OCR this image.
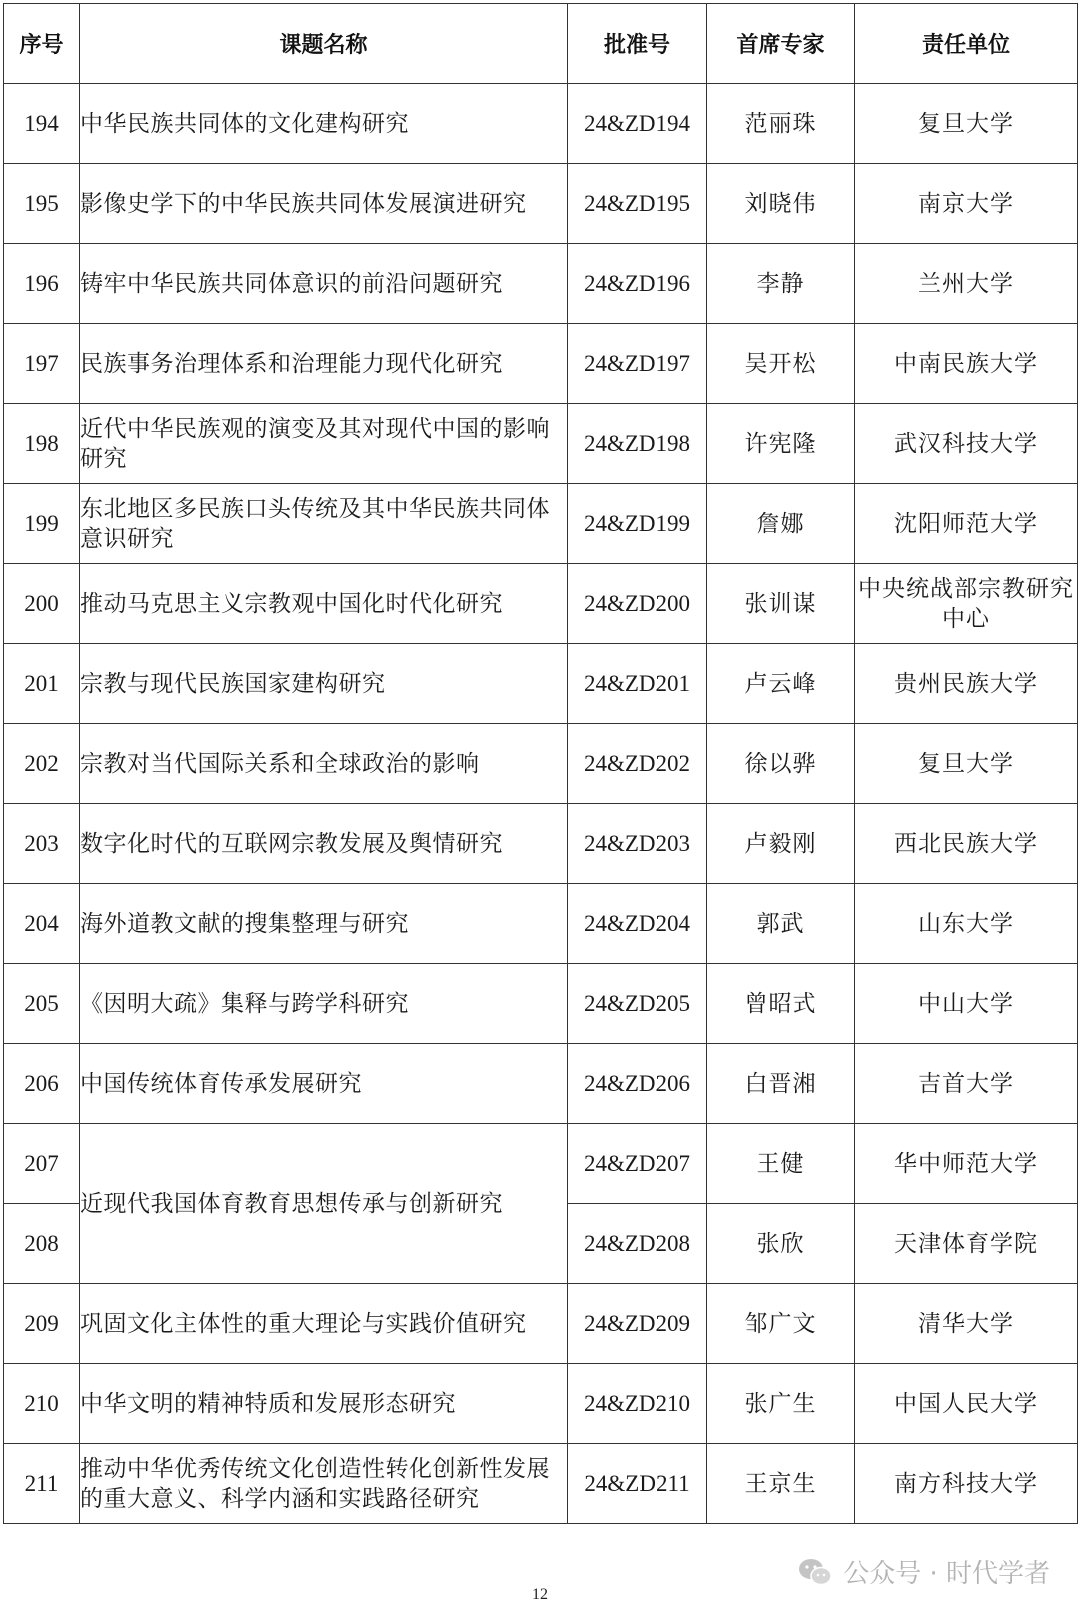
序号	课题名称	批准号	首席专家	责任单位
194	中华民族共同体的文化建构研究	24&ZD194	范丽珠	复旦大学
195	影像史学下的中华民族共同体发展演进研究	24&ZD195	刘晓伟	南京大学
196	铸牢中华民族共同体意识的前沿问题研究	24&ZD196	李静	兰州大学
197	民族事务治理体系和治理能力现代化研究	24&ZD197	吴开松	中南民族大学
198	近代中华民族观的演变及其对现代中国的影响研究	24&ZD198	许宪隆	武汉科技大学
199	东北地区多民族口头传统及其中华民族共同体意识研究	24&ZD199	詹娜	沈阳师范大学
200	推动马克思主义宗教观中国化时代化研究	24&ZD200	张训谋	中央统战部宗教研究中心
201	宗教与现代民族国家建构研究	24&ZD201	卢云峰	贵州民族大学
202	宗教对当代国际关系和全球政治的影响	24&ZD202	徐以骅	复旦大学
203	数字化时代的互联网宗教发展及舆情研究	24&ZD203	卢毅刚	西北民族大学
204	海外道教文献的搜集整理与研究	24&ZD204	郭武	山东大学
205	《因明大疏》集释与跨学科研究	24&ZD205	曾昭式	中山大学
206	中国传统体育传承发展研究	24&ZD206	白晋湘	吉首大学
207	近现代我国体育教育思想传承与创新研究	24&ZD207	王健	华中师范大学
208		24&ZD208	张欣	天津体育学院
209	巩固文化主体性的重大理论与实践价值研究	24&ZD209	邹广文	清华大学
210	中华文明的精神特质和发展形态研究	24&ZD210	张广生	中国人民大学
211	推动中华优秀传统文化创造性转化创新性发展的重大意义、科学内涵和实践路径研究	24&ZD211	王京生	南方科技大学
12
公众号 · 时代学者
